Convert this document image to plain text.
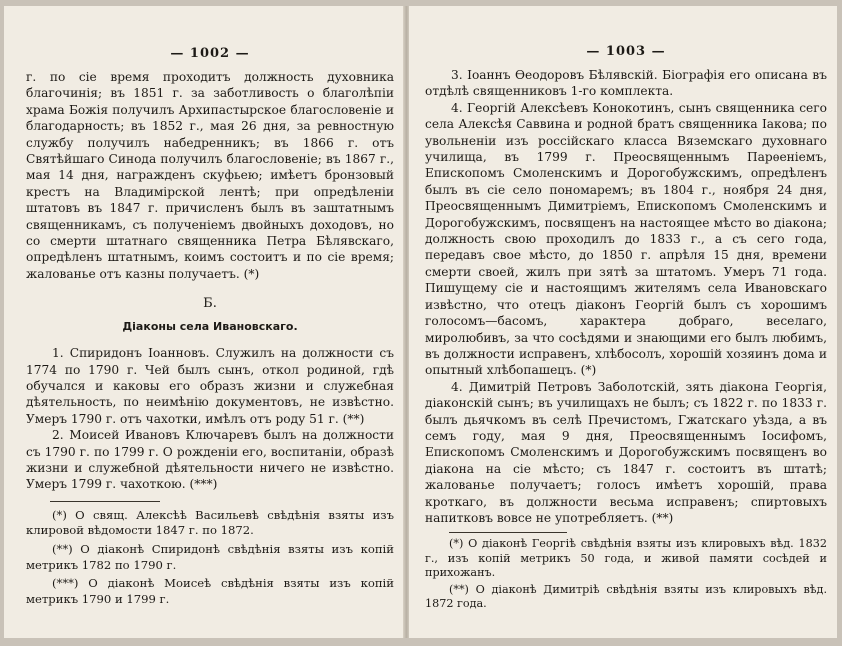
— 1002 —

г. по сіе время проходитъ должность духовника благочинія; въ 1851 г. за заботливость о благолѣпіи храма Божія получилъ Архипастырское благословеніе и благодарность; въ 1852 г., мая 26 дня, за ревностную службу получилъ набедренникъ; въ 1866 г. отъ Святѣйшаго Синода получилъ благословеніе; въ 1867 г., мая 14 дня, награжденъ скуфьею; имѣетъ бронзовый крестъ на Владимірской лентѣ; при опредѣленіи штатовъ въ 1847 г. причисленъ былъ въ заштатнымъ священникамъ, съ полученіемъ двойныхъ доходовъ, но со смерти штатнаго священника Петра Бѣлявскаго, опредѣленъ штатнымъ, коимъ состоитъ и по сіе время; жалованье отъ казны получаетъ. (*)

Б.
Діаконы села Ивановскаго.

1. Спиридонъ Іоанновъ. Служилъ на должности съ 1774 по 1790 г. Чей былъ сынъ, откол родиной, гдѣ обучался и каковы его образъ жизни и служебная дѣятельность, по неимѣнію документовъ, не извѣстно. Умеръ 1790 г. отъ чахотки, имѣлъ отъ роду 51 г. (**)

2. Моисей Ивановъ Ключаревъ былъ на должности съ 1790 г. по 1799 г. О рожденіи его, воспитаніи, образѣ жизни и служебной дѣятельности ничего не извѣстно. Умеръ 1799 г. чахоткою. (***)

(*) О свящ. Алексѣѣ Васильевѣ свѣдѣнія взяты изъ клировой вѣдомости 1847 г. по 1872.

(**) О діаконѣ Спиридонѣ свѣдѣнія взяты изъ копій метрикъ 1782 по 1790 г.

(***) О діаконѣ Моисеѣ свѣдѣнія взяты изъ копій метрикъ 1790 и 1799 г.

— 1003 —

3. Іоаннъ Ѳеодоровъ Бѣлявскій. Біографія его описана въ отдѣлѣ священниковъ 1-го комплекта.

4. Георгій Алексѣевъ Конокотинъ, сынъ священника сего села Алексѣя Саввина и родной братъ священника Іакова; по увольненіи изъ россійскаго класса Вяземскаго духовнаго училища, въ 1799 г. Преосвященнымъ Парѳеніемъ, Епископомъ Смоленскимъ и Дорогобужскимъ, опредѣленъ былъ въ сіе село пономаремъ; въ 1804 г., ноября 24 дня, Преосвященнымъ Димитріемъ, Епископомъ Смоленскимъ и Дорогобужскимъ, посвященъ на настоящее мѣсто во діакона; должность свою проходилъ до 1833 г., а съ сего года, передавъ свое мѣсто, до 1850 г. апрѣля 15 дня, времени смерти своей, жилъ при зятѣ за штатомъ. Умеръ 71 года. Пишущему сіе и настоящимъ жителямъ села Ивановскаго извѣстно, что отецъ діаконъ Георгій былъ съ хорошимъ голосомъ—басомъ, характера добраго, веселаго, миролюбивъ, за что сосѣдями и знающими его былъ любимъ, въ должности исправенъ, хлѣбосолъ, хорошій хозяинъ дома и опытный хлѣбопашецъ. (*)

4. Димитрій Петровъ Заболотскій, зять діакона Георгія, діаконскій сынъ; въ училищахъ не былъ; съ 1822 г. по 1833 г. былъ дьячкомъ въ селѣ Пречистомъ, Гжатскаго уѣзда, а въ семъ году, мая 9 дня, Преосвященнымъ Іосифомъ, Епископомъ Смоленскимъ и Дорогобужскимъ посвященъ во діакона на сіе мѣсто; съ 1847 г. состоитъ въ штатѣ; жалованье получаетъ; голосъ имѣетъ хорошій, права кроткаго, въ должности весьма исправенъ; спиртовыхъ напитковъ вовсе не употребляетъ. (**)

(*) О діаконѣ Георгіѣ свѣдѣнія взяты изъ клировыхъ вѣд. 1832 г., изъ копій метрикъ 50 года, и живой памяти сосѣдей и прихожанъ.

(**) О діаконѣ Димитріѣ свѣдѣнія взяты изъ клировыхъ вѣд. 1872 года.
